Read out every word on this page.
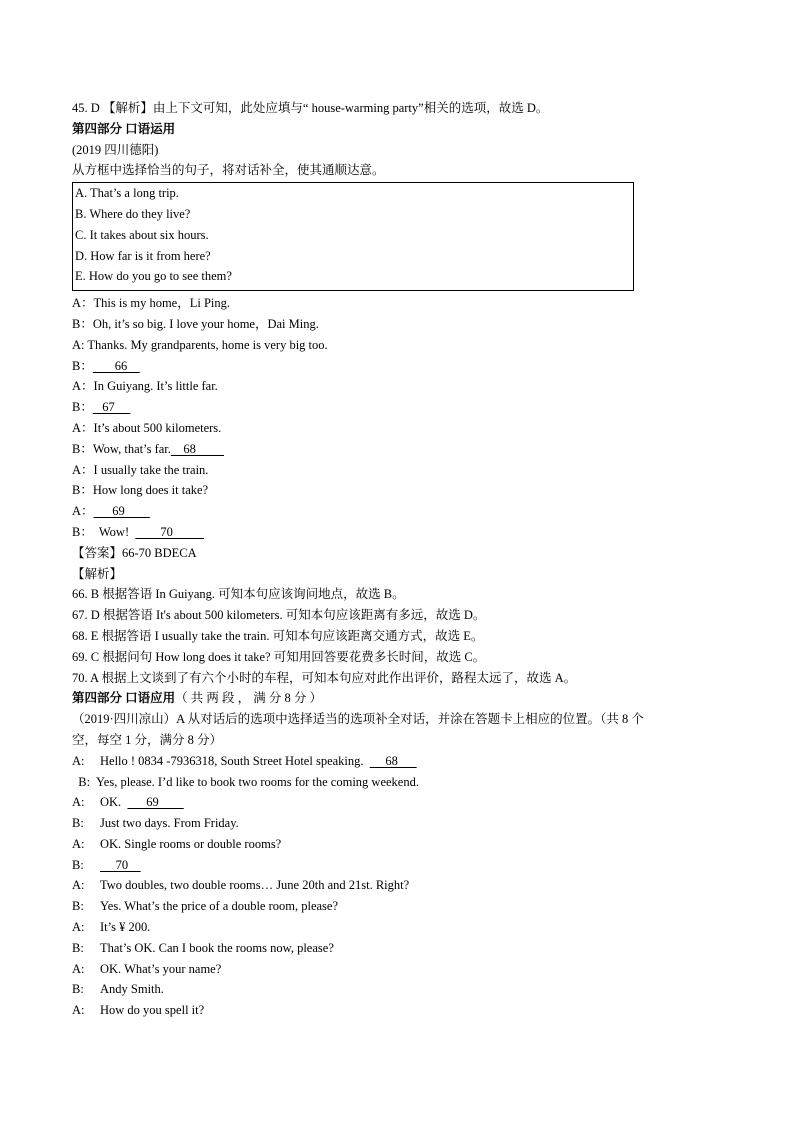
45. D 【解析】由上下文可知，此处应填与“ house-warming party”相关的选项，故选 D。
第四部分 口语运用
(2019 四川德阳)
从方框中选择恰当的句子，将对话补全，使其通顺达意。
A. That’s a long trip.
B. Where do they live?
C. It takes about six hours.
D. How far is it from here?
E. How do you go to see them?
A：This is my home，Li Ping.
B：Oh, it’s so big. I love your home，Dai Ming.
A: Thanks. My grandparents, home is very big too.
B：       66
A：In Guiyang. It’s little far.
B：   67
A：It’s about 500 kilometers.
B：Wow, that’s far.    68
A：I usually take the train.
B：How long does it take?
A：      69
B：  Wow!          70
【答案】66-70 BDECA
【解析】
66. B 根据答语 In Guiyang. 可知本句应该询问地点，故选 B。
67. D 根据答语 It's about 500 kilometers. 可知本句应该距离有多远，故选 D。
68. E 根据答语 I usually take the train. 可知本句应该距离交通方式，故选 E。
69. C 根据问句 How long does it take? 可知用回答要花费多长时间，故选 C。
70. A 根据上文谈到了有六个小时的车程，可知本句应对此作出评价，路程太远了，故选 A。
第四部分 口语应用（ 共 两 段 ， 满 分 8 分 ）
（2019·四川凉山）A 从对话后的选项中选择适当的选项补全对话，并涂在答题卡上相应的位置。（共 8 个
空，每空 1 分，满分 8 分）
A: Hello ! 0834 -7936318, South Street Hotel speaking.       68
B: Yes, please. I’d like to book two rooms for the coming weekend.
A: OK.        69
B: Just two days. From Friday.
A: OK. Single rooms or double rooms?
B:     70
A: Two doubles, two double rooms… June 20th and 21st. Right?
B: Yes. What’s the price of a double room, please?
A: It’s ¥ 200.
B: That’s OK. Can I book the rooms now, please?
A: OK. What’s your name?
B: Andy Smith.
A: How do you spell it?
